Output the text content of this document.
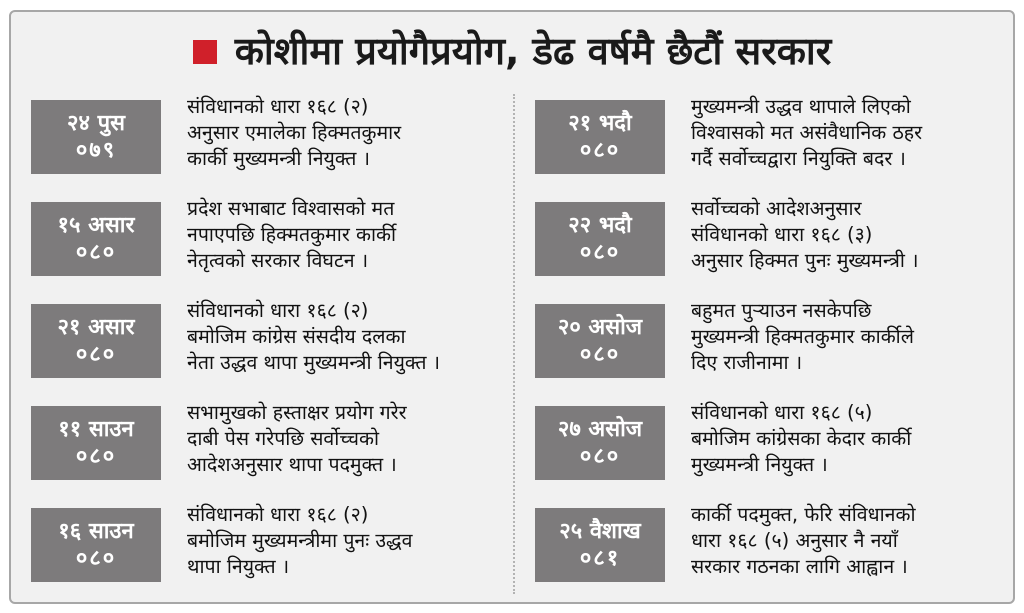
कोशीमा प्रयोगैप्रयोग, डेढ वर्षमै छैटौं सरकार
२४ पुस
०७९
संविधानको धारा १६८ (२)
अनुसार एमालेका हिक्मतकुमार
कार्की मुख्यमन्त्री नियुक्त ।
१५ असार
०८०
प्रदेश सभाबाट विश्वासको मत
नपाएपछि हिक्मतकुमार कार्की
नेतृत्वको सरकार विघटन ।
२१ असार
०८०
संविधानको धारा १६८ (२)
बमोजिम कांग्रेस संसदीय दलका
नेता उद्धव थापा मुख्यमन्त्री नियुक्त ।
११ साउन
०८०
सभामुखको हस्ताक्षर प्रयोग गरेर
दाबी पेस गरेपछि सर्वोच्चको
आदेशअनुसार थापा पदमुक्त ।
१६ साउन
०८०
संविधानको धारा १६८ (२)
बमोजिम मुख्यमन्त्रीमा पुनः उद्धव
थापा नियुक्त ।
२१ भदौ
०८०
मुख्यमन्त्री उद्धव थापाले लिएको
विश्वासको मत असंवैधानिक ठहर
गर्दै सर्वोच्चद्वारा नियुक्ति बदर ।
२२ भदौ
०८०
सर्वोच्चको आदेशअनुसार
संविधानको धारा १६८ (३)
अनुसार हिक्मत पुनः मुख्यमन्त्री ।
२० असोज
०८०
बहुमत पुऱ्याउन नसकेपछि
मुख्यमन्त्री हिक्मतकुमार कार्कीले
दिए राजीनामा ।
२७ असोज
०८०
संविधानको धारा १६८ (५)
बमोजिम कांग्रेसका केदार कार्की
मुख्यमन्त्री नियुक्त ।
२५ वैशाख
०८१
कार्की पदमुक्त, फेरि संविधानको
धारा १६८ (५) अनुसार नै नयाँ
सरकार गठनका लागि आह्वान ।
